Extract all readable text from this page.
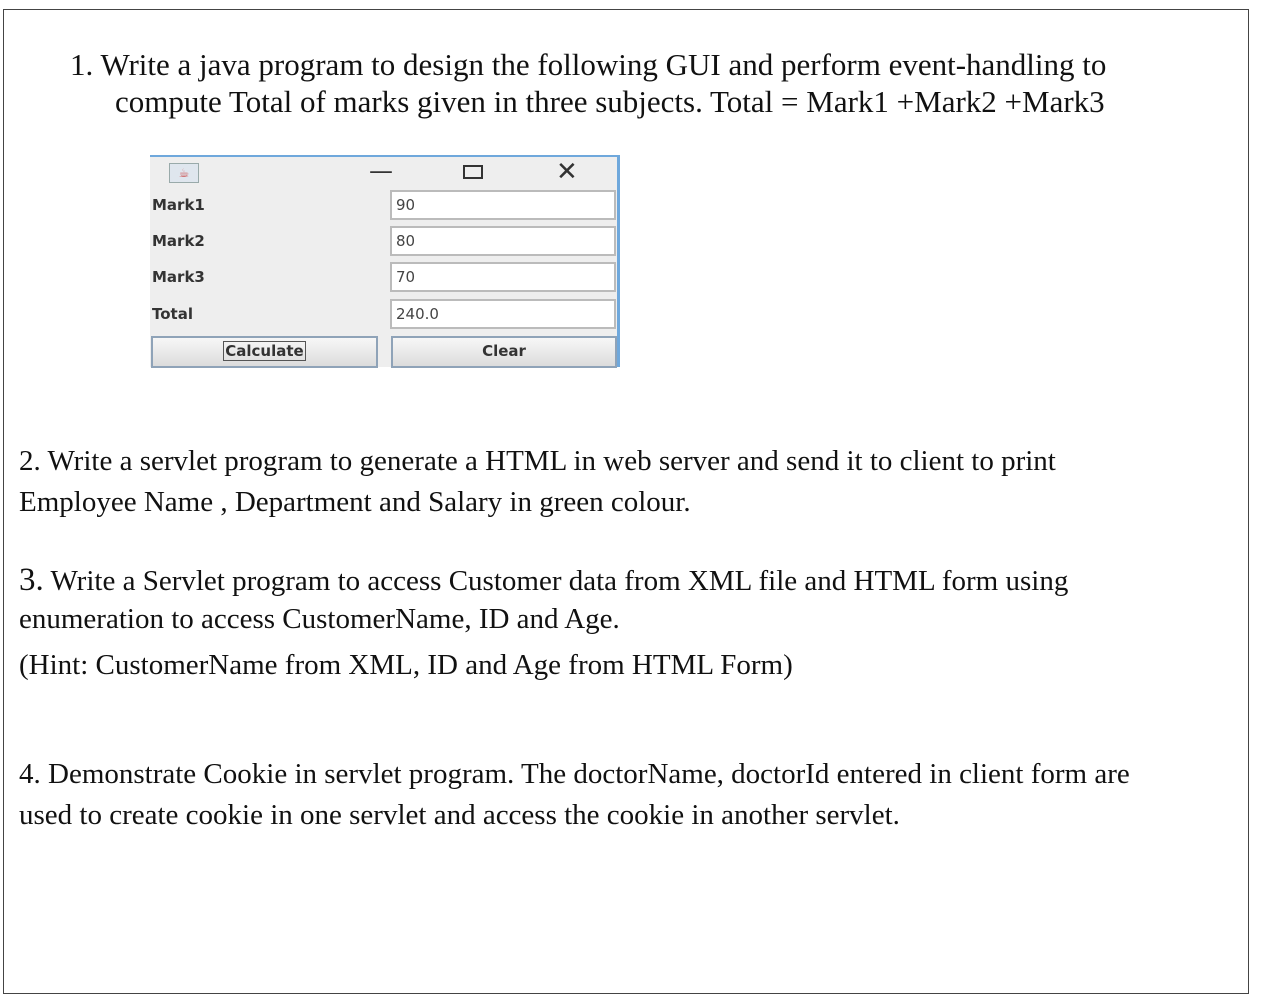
1. Write a java program to design the following GUI and perform event-handling to
compute Total of marks given in three subjects. Total = Mark1 +Mark2 +Mark3
☕	—	✕
Mark1	90
Mark2	80
Mark3	70
Total	240.0
Calculate	Clear
2. Write a servlet program to generate a HTML in web server and send it to client to print
Employee Name , Department and Salary in green colour.
3. Write a Servlet program to access Customer data from XML file and HTML form using
enumeration to access CustomerName, ID and Age.
(Hint: CustomerName from XML, ID and Age from HTML Form)
4. Demonstrate Cookie in servlet program. The doctorName, doctorId entered in client form are
used to create cookie in one servlet and access the cookie in another servlet.
